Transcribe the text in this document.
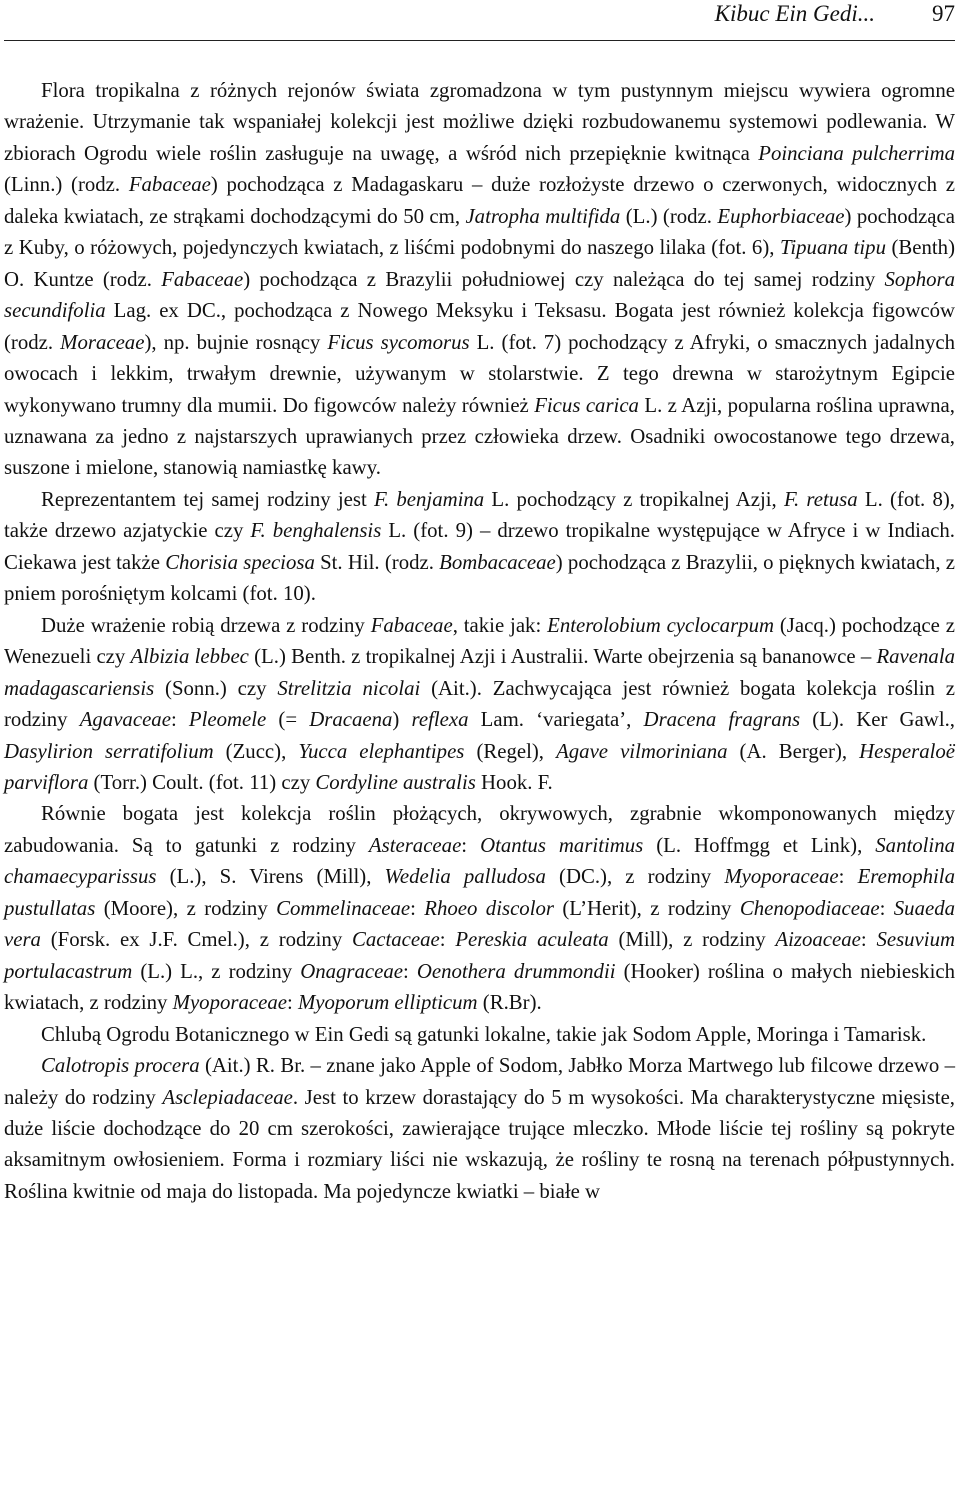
Kibuc Ein Gedi... 97

Flora tropikalna z różnych rejonów świata zgromadzona w tym pustynnym miejscu wywiera ogromne wrażenie. Utrzymanie tak wspaniałej kolekcji jest możliwe dzięki rozbudowanemu systemowi podlewania. W zbiorach Ogrodu wiele roślin zasługuje na uwagę, a wśród nich przepięknie kwitnąca Poinciana pulcherrima (Linn.) (rodz. Fabaceae) pochodząca z Madagaskaru – duże rozłożyste drzewo o czerwonych, widocznych z daleka kwiatach, ze strąkami dochodzącymi do 50 cm, Jatropha multifida (L.) (rodz. Euphorbiaceae) pochodząca z Kuby, o różowych, pojedynczych kwiatach, z liśćmi podobnymi do naszego lilaka (fot. 6), Tipuana tipu (Benth) O. Kuntze (rodz. Fabaceae) pochodząca z Brazylii południowej czy należąca do tej samej rodziny Sophora secundifolia Lag. ex DC., pochodząca z Nowego Meksyku i Teksasu. Bogata jest również kolekcja figowców (rodz. Moraceae), np. bujnie rosnący Ficus sycomorus L. (fot. 7) pochodzący z Afryki, o smacznych jadalnych owocach i lekkim, trwałym drewnie, używanym w stolarstwie. Z tego drewna w starożytnym Egipcie wykonywano trumny dla mumii. Do figowców należy również Ficus carica L. z Azji, popularna roślina uprawna, uznawana za jedno z najstarszych uprawianych przez człowieka drzew. Osadniki owocostanowe tego drzewa, suszone i mielone, stanowią namiastkę kawy.

Reprezentantem tej samej rodziny jest F. benjamina L. pochodzący z tropikalnej Azji, F. retusa L. (fot. 8), także drzewo azjatyckie czy F. benghalensis L. (fot. 9) – drzewo tropikalne występujące w Afryce i w Indiach. Ciekawa jest także Chorisia speciosa St. Hil. (rodz. Bombacaceae) pochodząca z Brazylii, o pięknych kwiatach, z pniem porośniętym kolcami (fot. 10).

Duże wrażenie robią drzewa z rodziny Fabaceae, takie jak: Enterolobium cyclocarpum (Jacq.) pochodzące z Wenezueli czy Albizia lebbec (L.) Benth. z tropikalnej Azji i Australii. Warte obejrzenia są bananowce – Ravenala madagascariensis (Sonn.) czy Strelitzia nicolai (Ait.). Zachwycająca jest również bogata kolekcja roślin z rodziny Agavaceae: Pleomele (= Dracaena) reflexa Lam. ‘variegata’, Dracena fragrans (L). Ker Gawl., Dasylirion serratifolium (Zucc), Yucca elephantipes (Regel), Agave vilmoriniana (A. Berger), Hesperaloë parviflora (Torr.) Coult. (fot. 11) czy Cordyline australis Hook. F.

Równie bogata jest kolekcja roślin płożących, okrywowych, zgrabnie wkomponowanych między zabudowania. Są to gatunki z rodziny Asteraceae: Otantus maritimus (L. Hoffmgg et Link), Santolina chamaecyparissus (L.), S. Virens (Mill), Wedelia palludosa (DC.), z rodziny Myoporaceae: Eremophila pustullatas (Moore), z rodziny Commelinaceae: Rhoeo discolor (L’Herit), z rodziny Chenopodiaceae: Suaeda vera (Forsk. ex J.F. Cmel.), z rodziny Cactaceae: Pereskia aculeata (Mill), z rodziny Aizoaceae: Sesuvium portulacastrum (L.) L., z rodziny Onagraceae: Oenothera drummondii (Hooker) roślina o małych niebieskich kwiatach, z rodziny Myoporaceae: Myoporum ellipticum (R.Br).

Chlubą Ogrodu Botanicznego w Ein Gedi są gatunki lokalne, takie jak Sodom Apple, Moringa i Tamarisk.

Calotropis procera (Ait.) R. Br. – znane jako Apple of Sodom, Jabłko Morza Martwego lub filcowe drzewo – należy do rodziny Asclepiadaceae. Jest to krzew dorastający do 5 m wysokości. Ma charakterystyczne mięsiste, duże liście dochodzące do 20 cm szerokości, zawierające trujące mleczko. Młode liście tej rośliny są pokryte aksamitnym owłosieniem. Forma i rozmiary liści nie wskazują, że rośliny te rosną na terenach półpustynnych. Roślina kwitnie od maja do listopada. Ma pojedyncze kwiatki – białe w
